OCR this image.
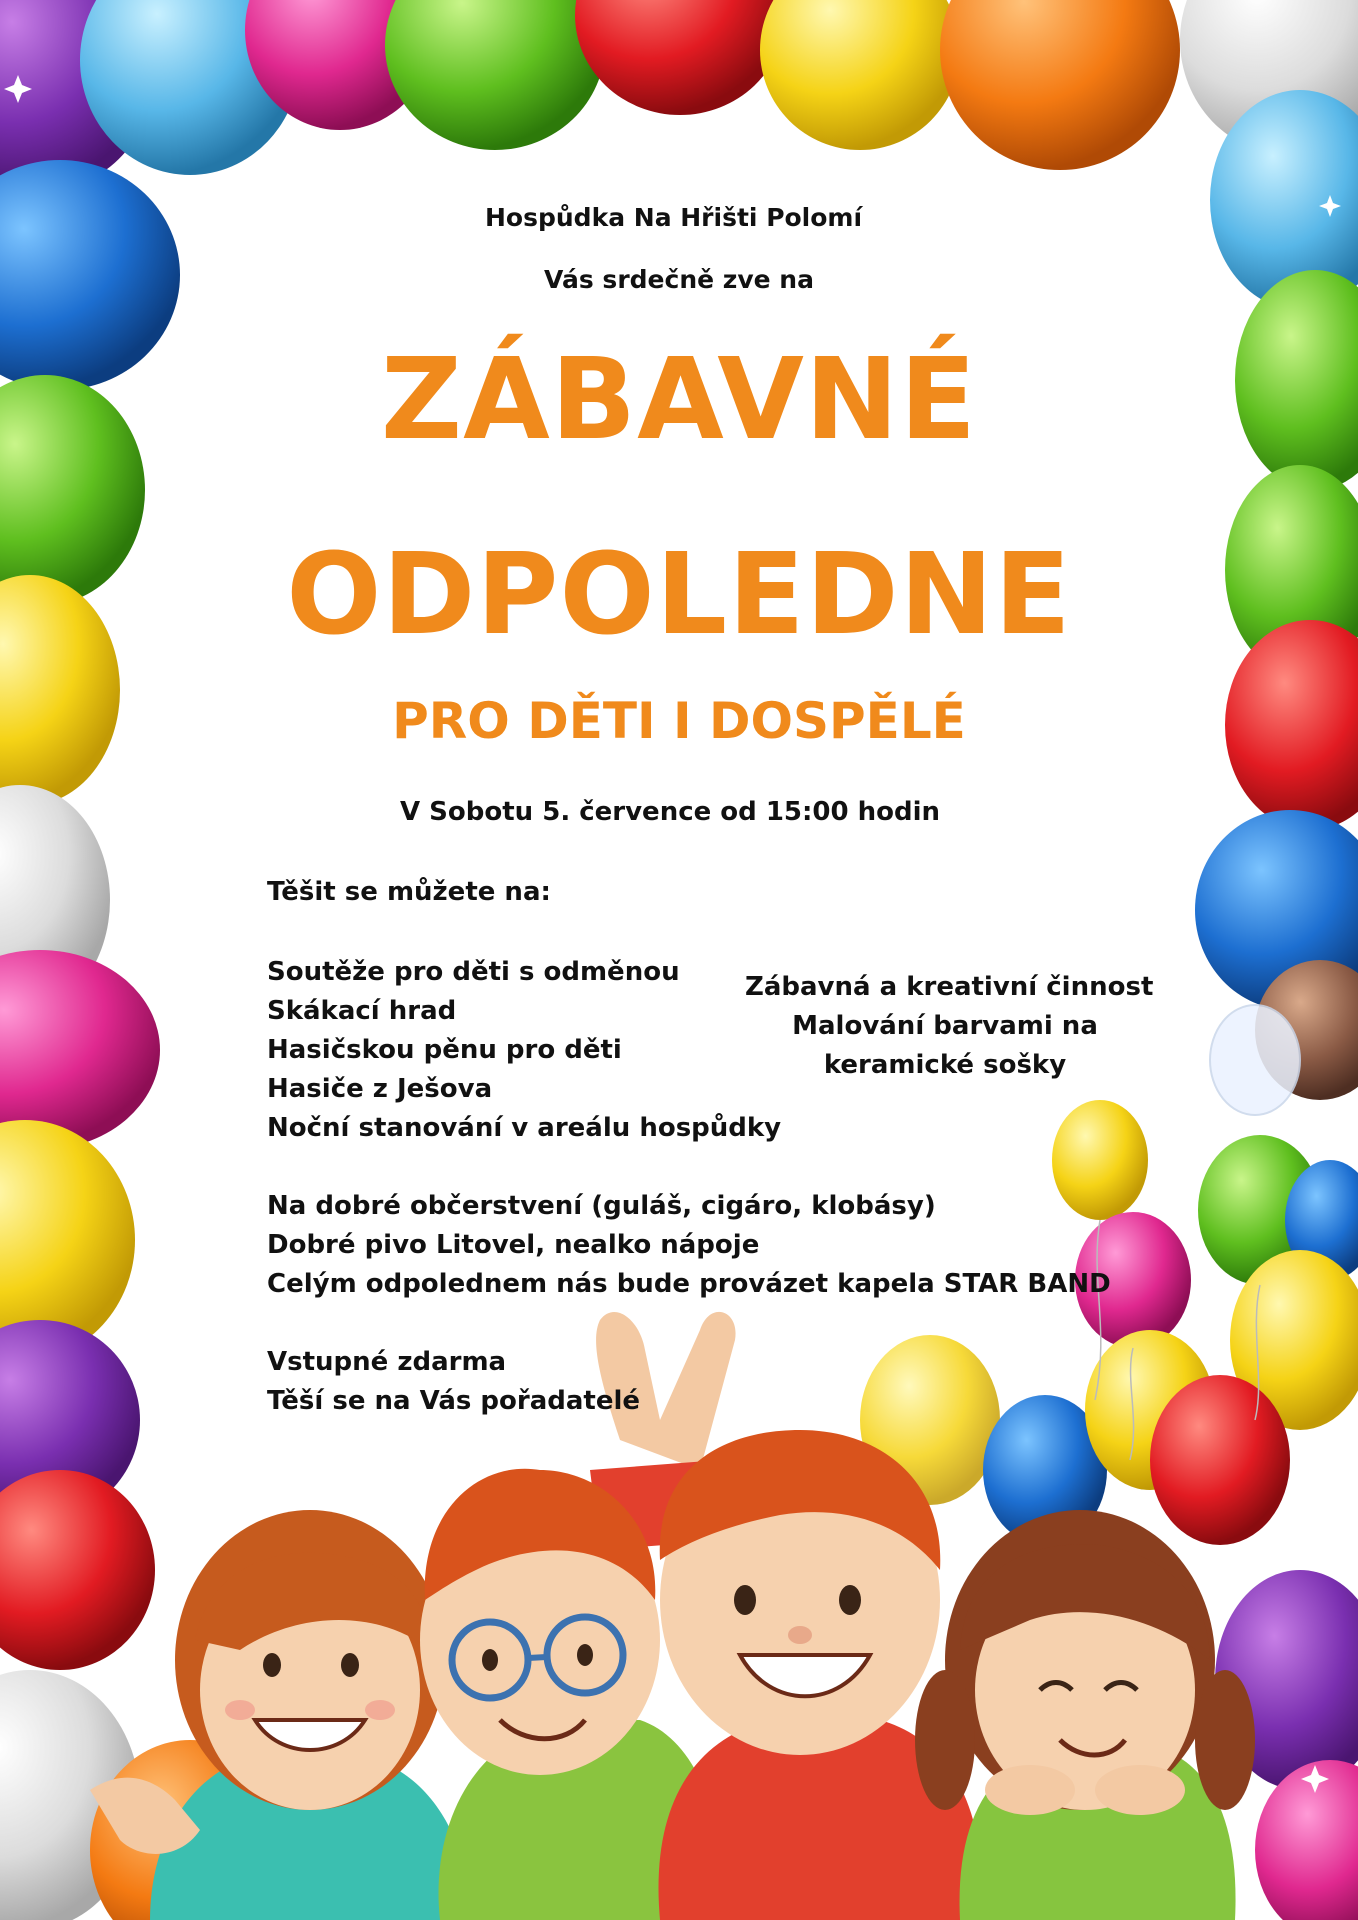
Hospůdka Na Hřišti Polomí
Vás srdečně zve na
ZÁBAVNÉ
ODPOLEDNE
PRO DĚTI I DOSPĚLÉ
V Sobotu 5. července od 15:00 hodin
Těšit se můžete na:
Soutěže pro děti s odměnou
Skákací hrad
Hasičskou pěnu pro děti
Hasiče z Ješova
Noční stanování v areálu hospůdky
Zábavná a kreativní činnost
Malování barvami na
keramické sošky
Na dobré občerstvení (guláš, cigáro, klobásy)
Dobré pivo Litovel, nealko nápoje
Celým odpolednem nás bude provázet kapela STAR BAND
Vstupné zdarma
Těší se na Vás pořadatelé
